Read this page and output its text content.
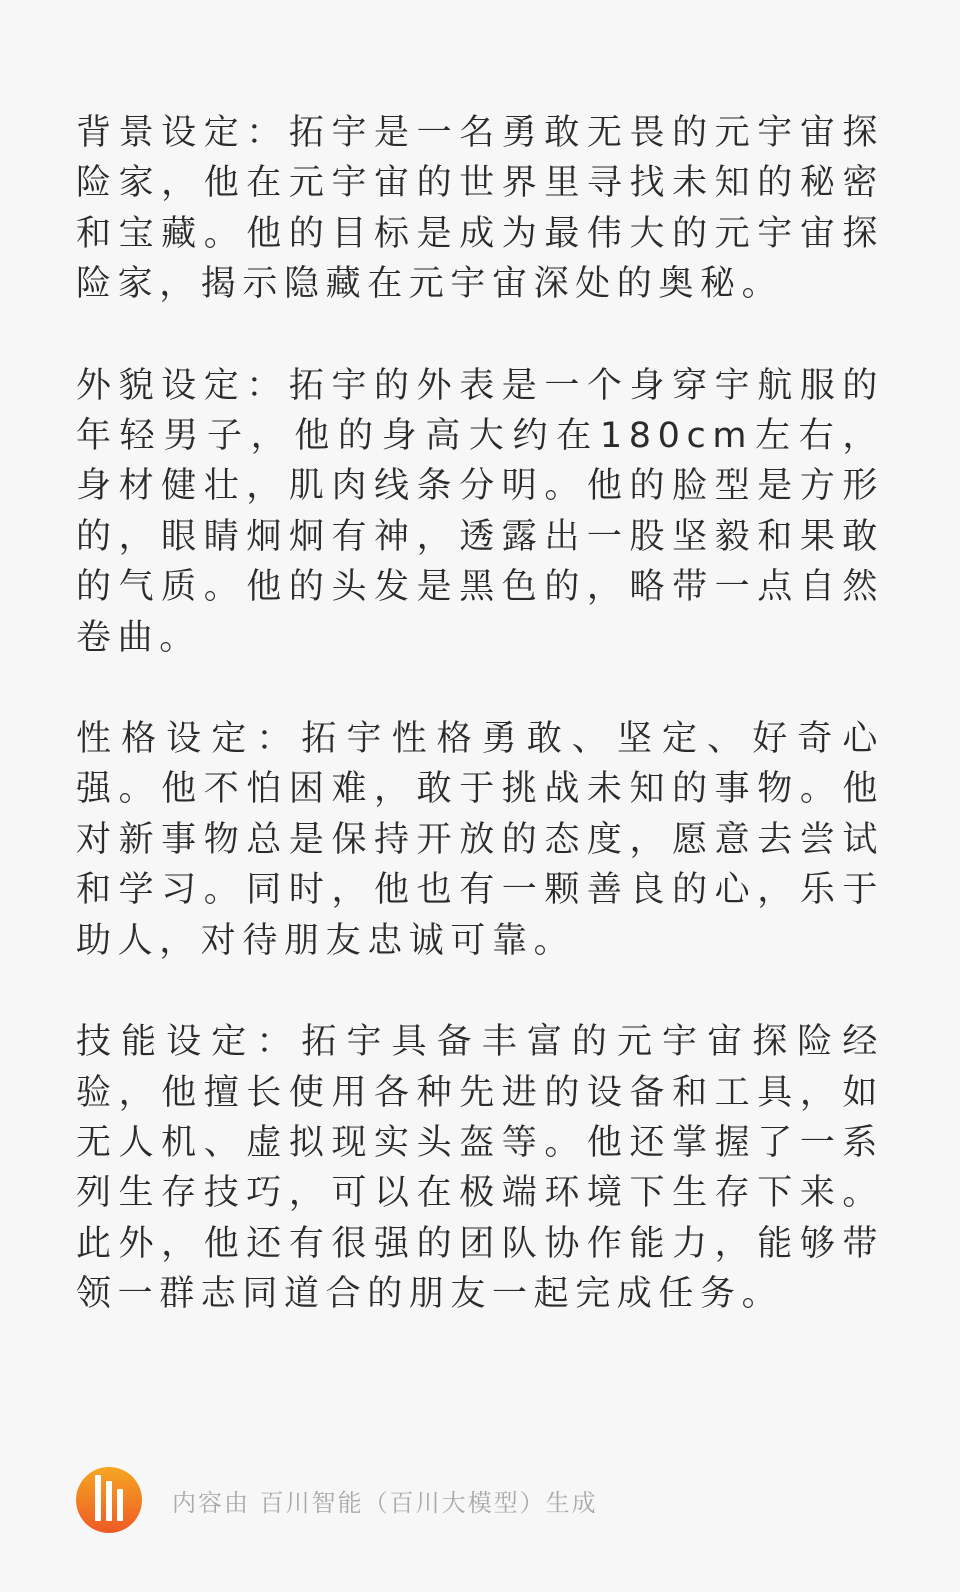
背景设定：拓宇是一名勇敢无畏的元宇宙探险家，他在元宇宙的世界里寻找未知的秘密和宝藏。他的目标是成为最伟大的元宇宙探险家，揭示隐藏在元宇宙深处的奥秘。

外貌设定：拓宇的外表是一个身穿宇航服的年轻男子，他的身高大约在180cm左右，身材健壮，肌肉线条分明。他的脸型是方形的，眼睛炯炯有神，透露出一股坚毅和果敢的气质。他的头发是黑色的，略带一点自然卷曲。

性格设定：拓宇性格勇敢、坚定、好奇心强。他不怕困难，敢于挑战未知的事物。他对新事物总是保持开放的态度，愿意去尝试和学习。同时，他也有一颗善良的心，乐于助人，对待朋友忠诚可靠。

技能设定：拓宇具备丰富的元宇宙探险经验，他擅长使用各种先进的设备和工具，如无人机、虚拟现实头盔等。他还掌握了一系列生存技巧，可以在极端环境下生存下来。此外，他还有很强的团队协作能力，能够带领一群志同道合的朋友一起完成任务。

内容由 百川智能（百川大模型）生成
